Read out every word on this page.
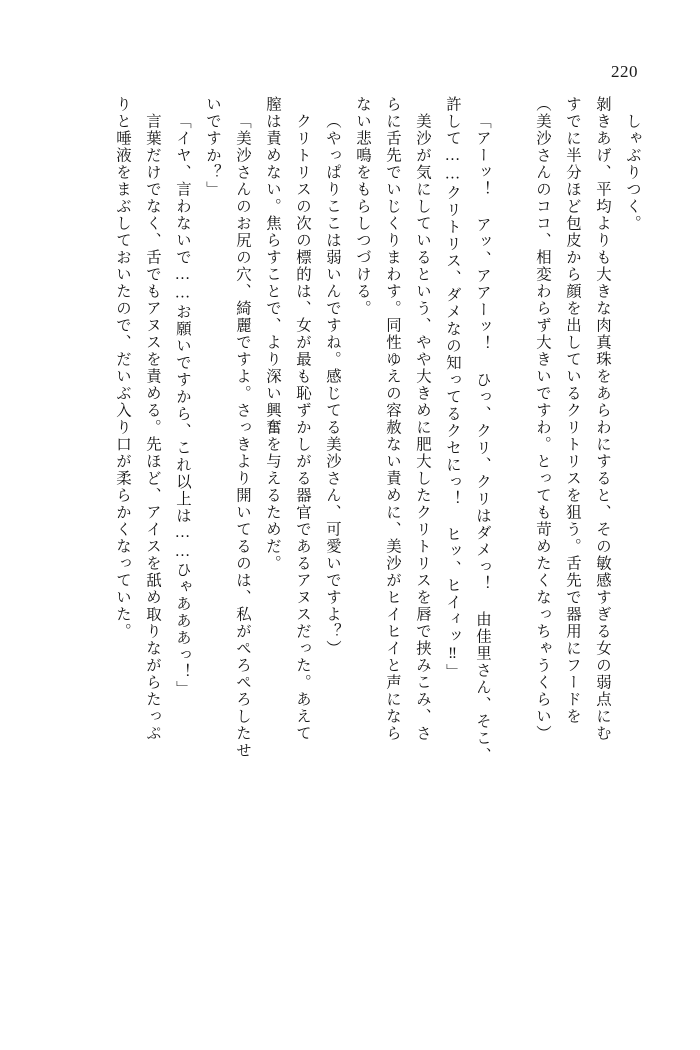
220
しゃぶりつく。
剝きあげ、平均よりも大きな肉真珠をあらわにすると、その敏感すぎる女の弱点にむ
すでに半分ほど包皮から顔を出しているクリトリスを狙う。舌先で器用にフードを
（美沙さんのココ、相変わらず大きいですわ。とっても苛めたくなっちゃうくらい）
「アーッ！ アッ、アアーッ！ ひっ、クリ、クリはダメっ！ 由佳里さん、そこ、
許して……クリトリス、ダメなの知ってるクセにっ！ ヒッ、ヒイィッ‼」
美沙が気にしているという、やや大きめに肥大したクリトリスを唇で挟みこみ、さ
らに舌先でいじくりまわす。同性ゆえの容赦ない責めに、美沙がヒイヒイと声になら
ない悲鳴をもらしつづける。
（やっぱりここは弱いんですね。感じてる美沙さん、可愛いですよ？）
クリトリスの次の標的は、女が最も恥ずかしがる器官であるアヌスだった。あえて
膣は責めない。焦らすことで、より深い興奮を与えるためだ。
「美沙さんのお尻の穴、綺麗ですよ。さっきより開いてるのは、私がぺろぺろしたせ
いですか？」
「イヤ、言わないで……お願いですから、これ以上は……ひゃあああっ！」
言葉だけでなく、舌でもアヌスを責める。先ほど、アイスを舐め取りながらたっぷ
りと唾液をまぶしておいたので、だいぶ入り口が柔らかくなっていた。
